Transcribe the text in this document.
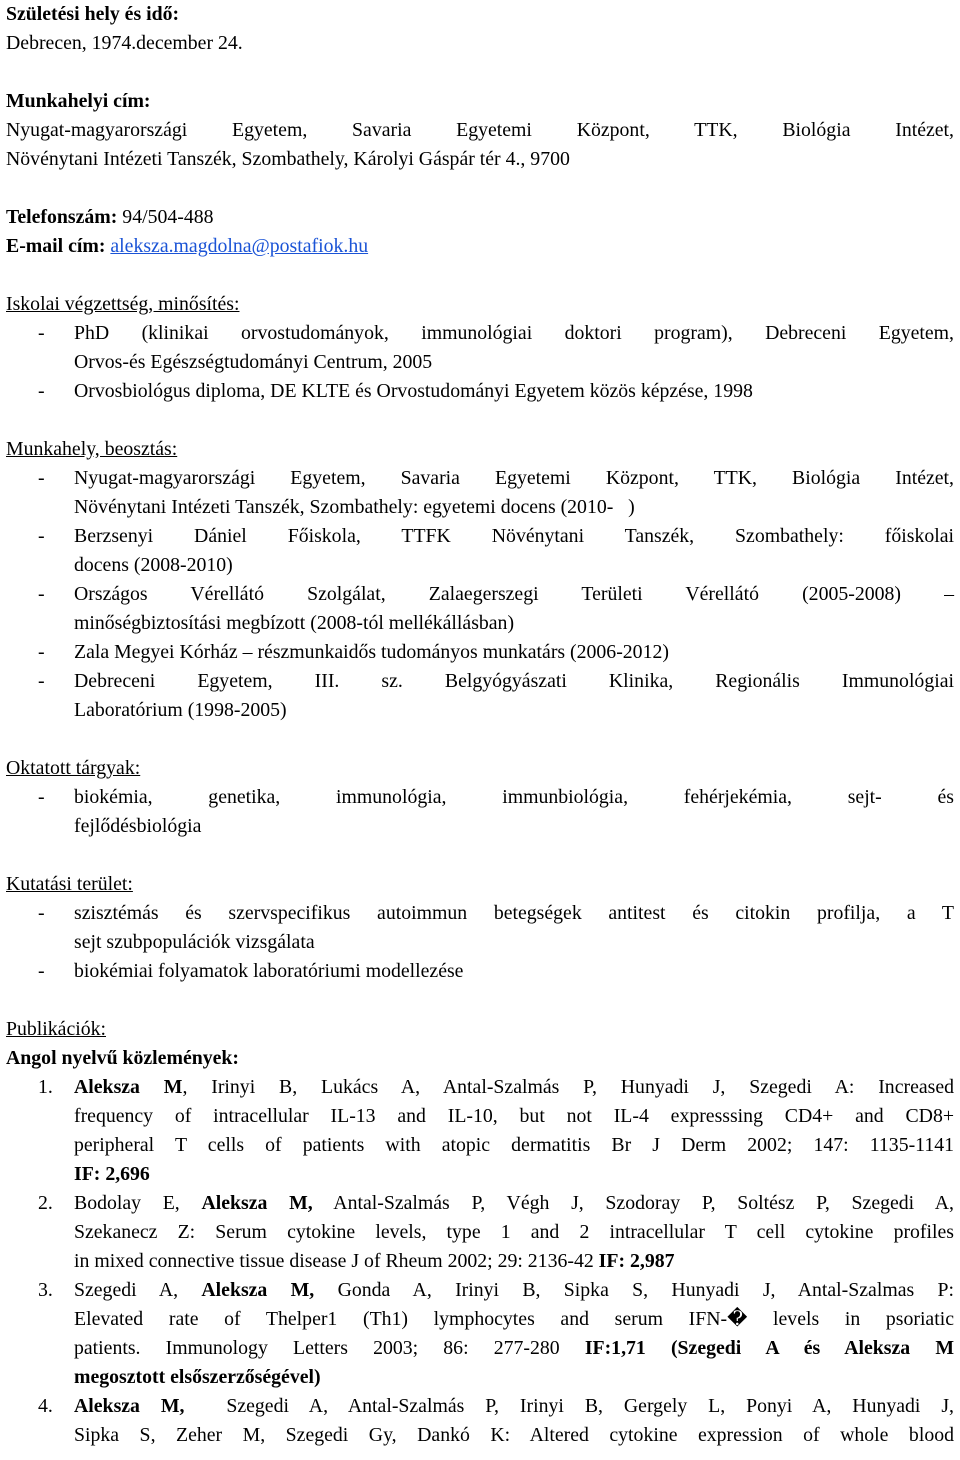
Születési hely és idő:
Debrecen, 1974.december 24.
Munkahelyi cím:
Nyugat-magyarországi Egyetem, Savaria Egyetemi Központ, TTK, Biológia Intézet,
Növénytani Intézeti Tanszék, Szombathely, Károlyi Gáspár tér 4., 9700
Telefonszám: 94/504-488
E-mail cím: aleksza.magdolna@postafiok.hu
Iskolai végzettség, minősítés:
-	PhD (klinikai orvostudományok, immunológiai doktori program), Debreceni Egyetem,
Orvos-és Egészségtudományi Centrum, 2005
-	Orvosbiológus diploma, DE KLTE és Orvostudományi Egyetem közös képzése, 1998
Munkahely, beosztás:
-	Nyugat-magyarországi Egyetem, Savaria Egyetemi Központ, TTK, Biológia Intézet,
Növénytani Intézeti Tanszék, Szombathely: egyetemi docens (2010-   )
-	Berzsenyi Dániel Főiskola, TTFK Növénytani Tanszék, Szombathely: főiskolai
docens (2008-2010)
-	Országos Vérellátó Szolgálat, Zalaegerszegi Területi Vérellátó (2005-2008) –
minőségbiztosítási megbízott (2008-tól mellékállásban)
-	Zala Megyei Kórház – részmunkaidős tudományos munkatárs (2006-2012)
-	Debreceni Egyetem, III. sz. Belgyógyászati Klinika, Regionális Immunológiai
Laboratórium (1998-2005)
Oktatott tárgyak:
-	biokémia, genetika, immunológia, immunbiológia, fehérjekémia, sejt- és
fejlődésbiológia
Kutatási terület:
-	szisztémás és szervspecifikus autoimmun betegségek antitest és citokin profilja, a T
sejt szubpopulációk vizsgálata
-	biokémiai folyamatok laboratóriumi modellezése
Publikációk:
Angol nyelvű közlemények:
1.	Aleksza M, Irinyi B, Lukács A, Antal-Szalmás P, Hunyadi J, Szegedi A: Increased
frequency of intracellular IL-13 and IL-10, but not IL-4 expresssing CD4+ and CD8+
peripheral T cells of patients with atopic dermatitis Br J Derm 2002; 147: 1135-1141
IF: 2,696
2.	Bodolay E, Aleksza M, Antal-Szalmás P, Végh J, Szodoray P, Soltész P, Szegedi A,
Szekanecz Z: Serum cytokine levels, type 1 and 2 intracellular T cell cytokine profiles
in mixed connective tissue disease J of Rheum 2002; 29: 2136-42 IF: 2,987
3.	Szegedi A, Aleksza M, Gonda A, Irinyi B, Sipka S, Hunyadi J, Antal-Szalmas P:
Elevated rate of Thelper1 (Th1) lymphocytes and serum IFN-� levels in psoriatic
patients. Immunology Letters 2003; 86: 277-280 IF:1,71 (Szegedi A és Aleksza M
megosztott elsőszerzőségével)
4.	Aleksza M,  Szegedi A, Antal-Szalmás P, Irinyi B, Gergely L, Ponyi A, Hunyadi J,
Sipka S, Zeher M, Szegedi Gy, Dankó K: Altered cytokine expression of whole blood
